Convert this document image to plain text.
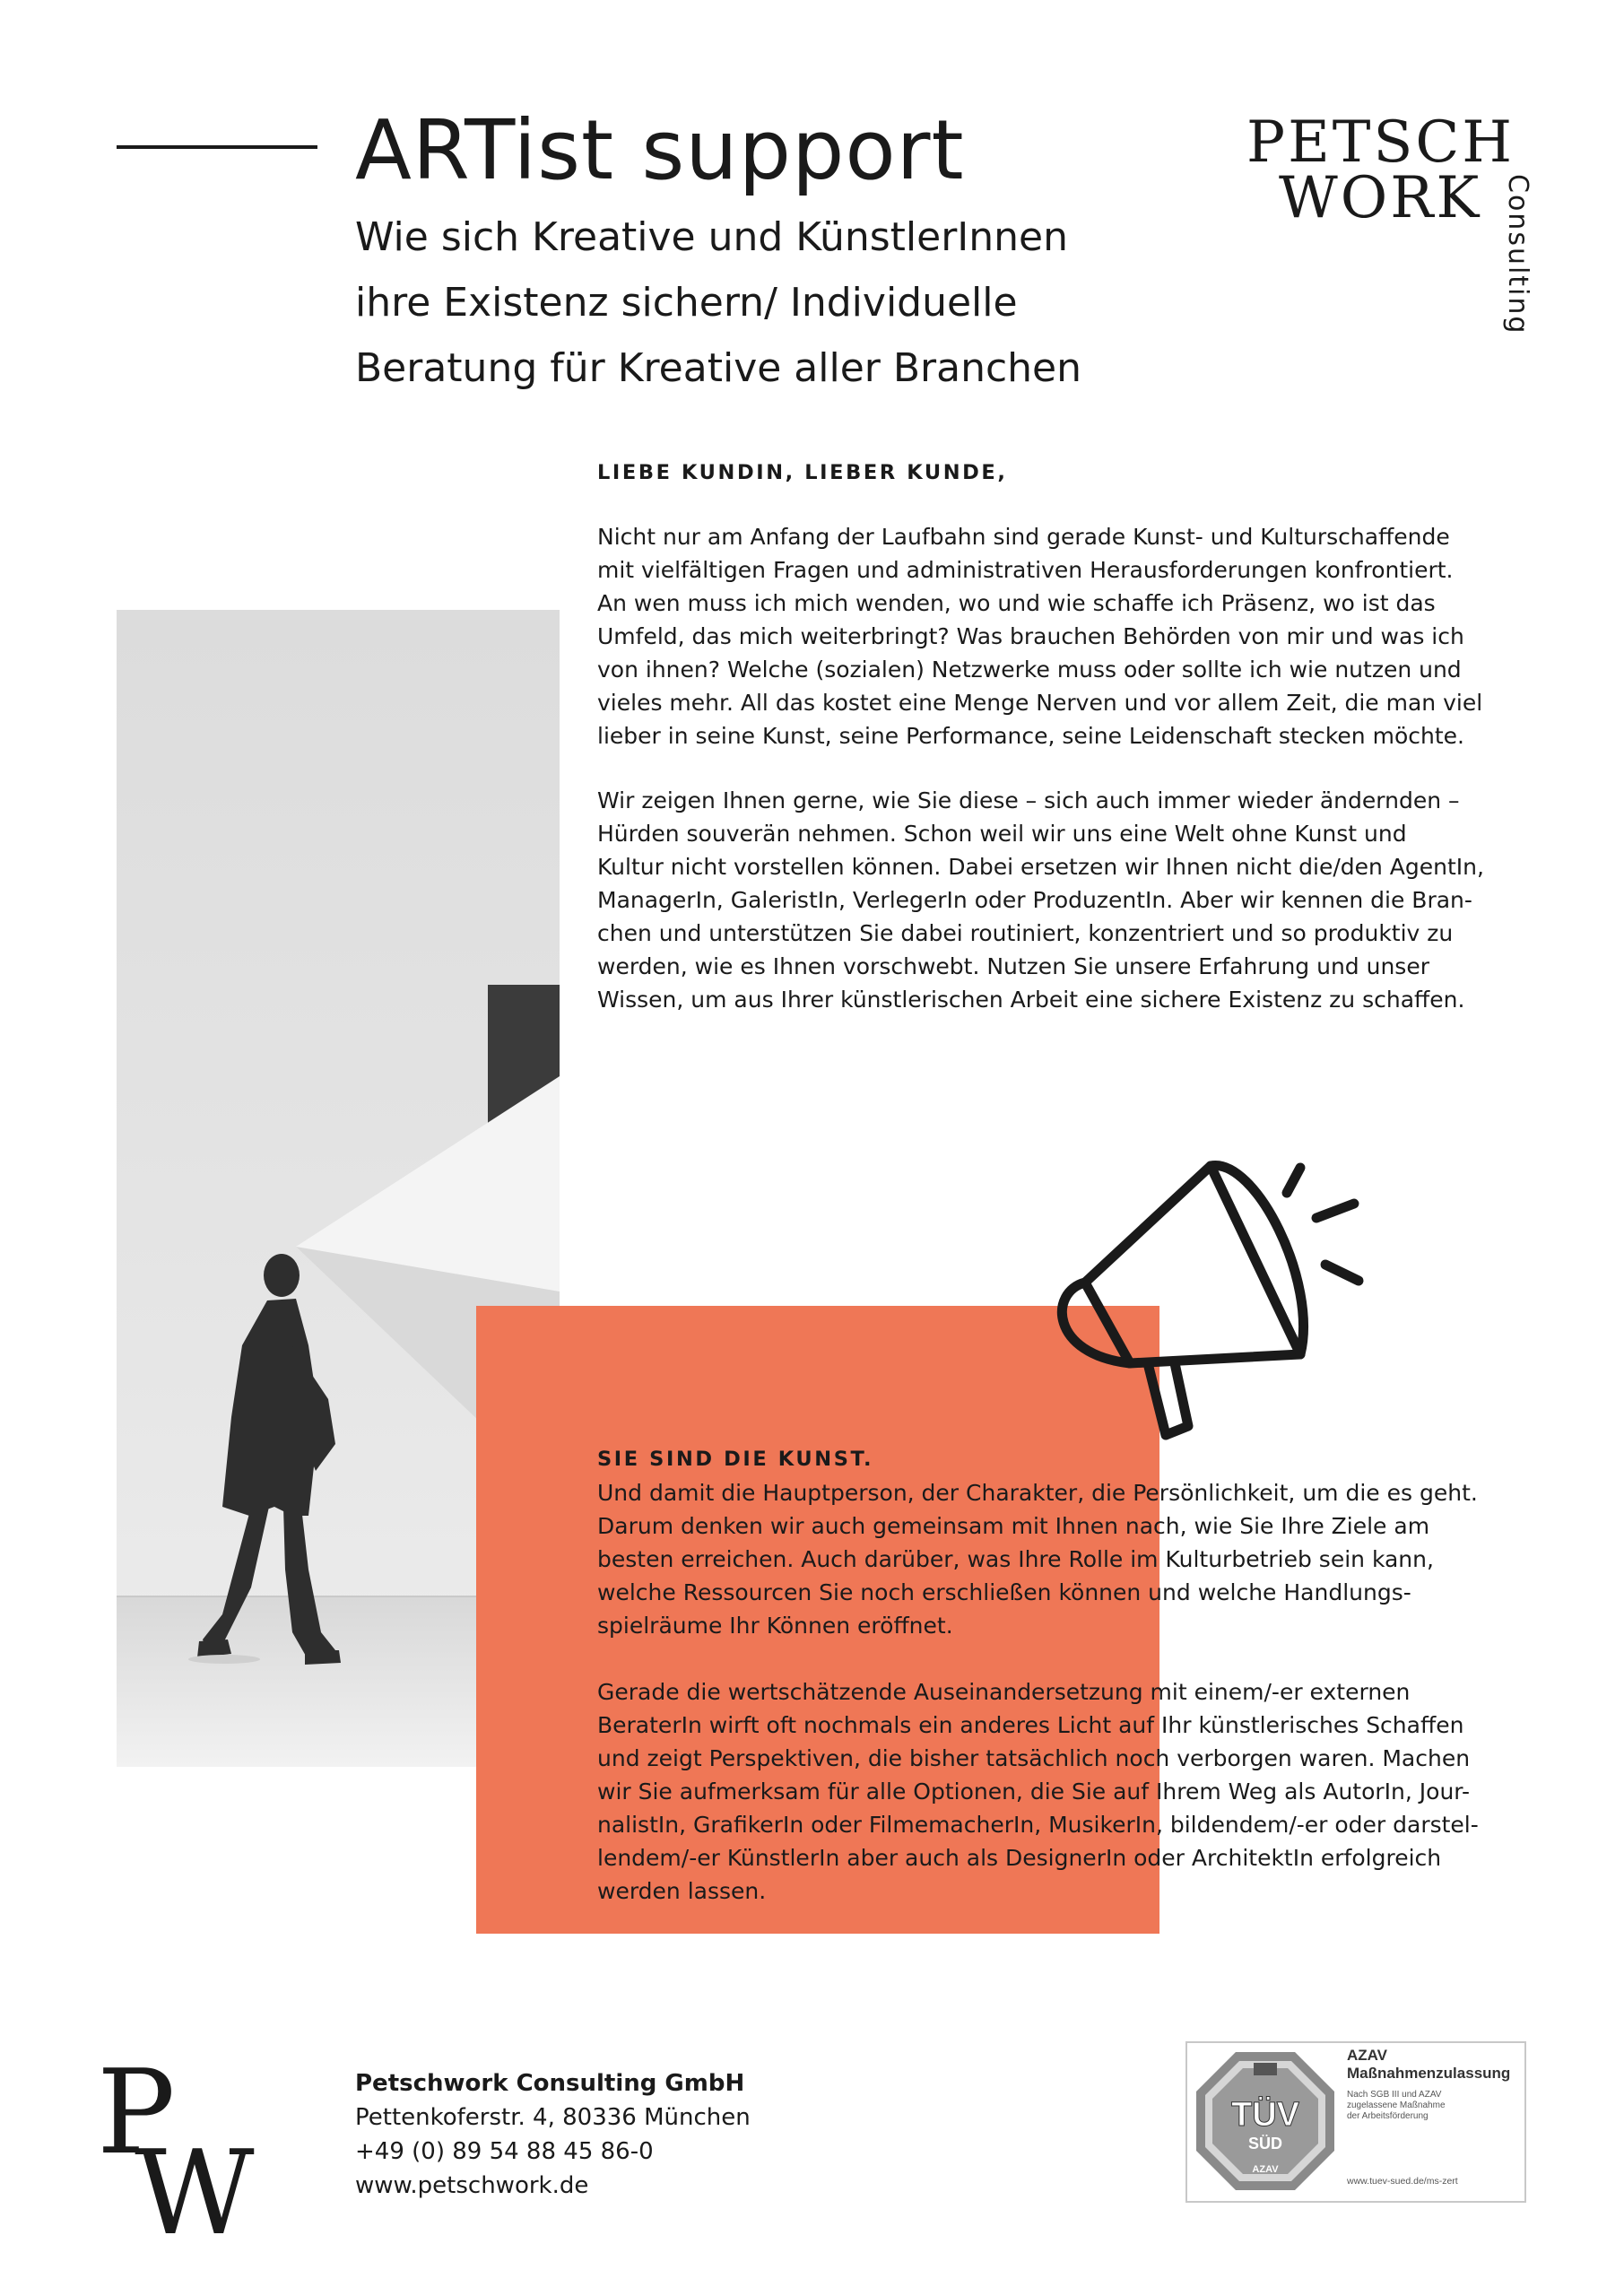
ARTist support
Wie sich Kreative und KünstlerInnen
ihre Existenz sichern/ Individuelle
Beratung für Kreative aller Branchen
PETSCH
WORK Consulting
LIEBE KUNDIN, LIEBER KUNDE,
Nicht nur am Anfang der Laufbahn sind gerade Kunst- und Kulturschaffende
mit vielfältigen Fragen und administrativen Herausforderungen konfrontiert.
An wen muss ich mich wenden, wo und wie schaffe ich Präsenz, wo ist das
Umfeld, das mich weiterbringt? Was brauchen Behörden von mir und was ich
von ihnen? Welche (sozialen) Netzwerke muss oder sollte ich wie nutzen und
vieles mehr. All das kostet eine Menge Nerven und vor allem Zeit, die man viel
lieber in seine Kunst, seine Performance, seine Leidenschaft stecken möchte.
Wir zeigen Ihnen gerne, wie Sie diese – sich auch immer wieder ändernden –
Hürden souverän nehmen. Schon weil wir uns eine Welt ohne Kunst und
Kultur nicht vorstellen können. Dabei ersetzen wir Ihnen nicht die/den AgentIn,
ManagerIn, GaleristIn, VerlegerIn oder ProduzentIn. Aber wir kennen die Bran-
chen und unterstützen Sie dabei routiniert, konzentriert und so produktiv zu
werden, wie es Ihnen vorschwebt. Nutzen Sie unsere Erfahrung und unser
Wissen, um aus Ihrer künstlerischen Arbeit eine sichere Existenz zu schaffen.
SIE SIND DIE KUNST.
Und damit die Hauptperson, der Charakter, die Persönlichkeit, um die es geht.
Darum denken wir auch gemeinsam mit Ihnen nach, wie Sie Ihre Ziele am
besten erreichen. Auch darüber, was Ihre Rolle im Kulturbetrieb sein kann,
welche Ressourcen Sie noch erschließen können und welche Handlungs-
spielräume Ihr Können eröffnet.
Gerade die wertschätzende Auseinandersetzung mit einem/-er externen
BeraterIn wirft oft nochmals ein anderes Licht auf Ihr künstlerisches Schaffen
und zeigt Perspektiven, die bisher tatsächlich noch verborgen waren. Machen
wir Sie aufmerksam für alle Optionen, die Sie auf Ihrem Weg als AutorIn, Jour-
nalistIn, GrafikerIn oder FilmemacherIn, MusikerIn, bildendem/-er oder darstel-
lendem/-er KünstlerIn aber auch als DesignerIn oder ArchitektIn erfolgreich
werden lassen.
P
W
Petschwork Consulting GmbH
Pettenkoferstr. 4, 80336 München
+49 (0) 89 54 88 45 86-0
www.petschwork.de
TÜV
SÜD
AZAV
AZAV
Maßnahmenzulassung
Nach SGB III und AZAV
zugelassene Maßnahme
der Arbeitsförderung
www.tuev-sued.de/ms-zert
